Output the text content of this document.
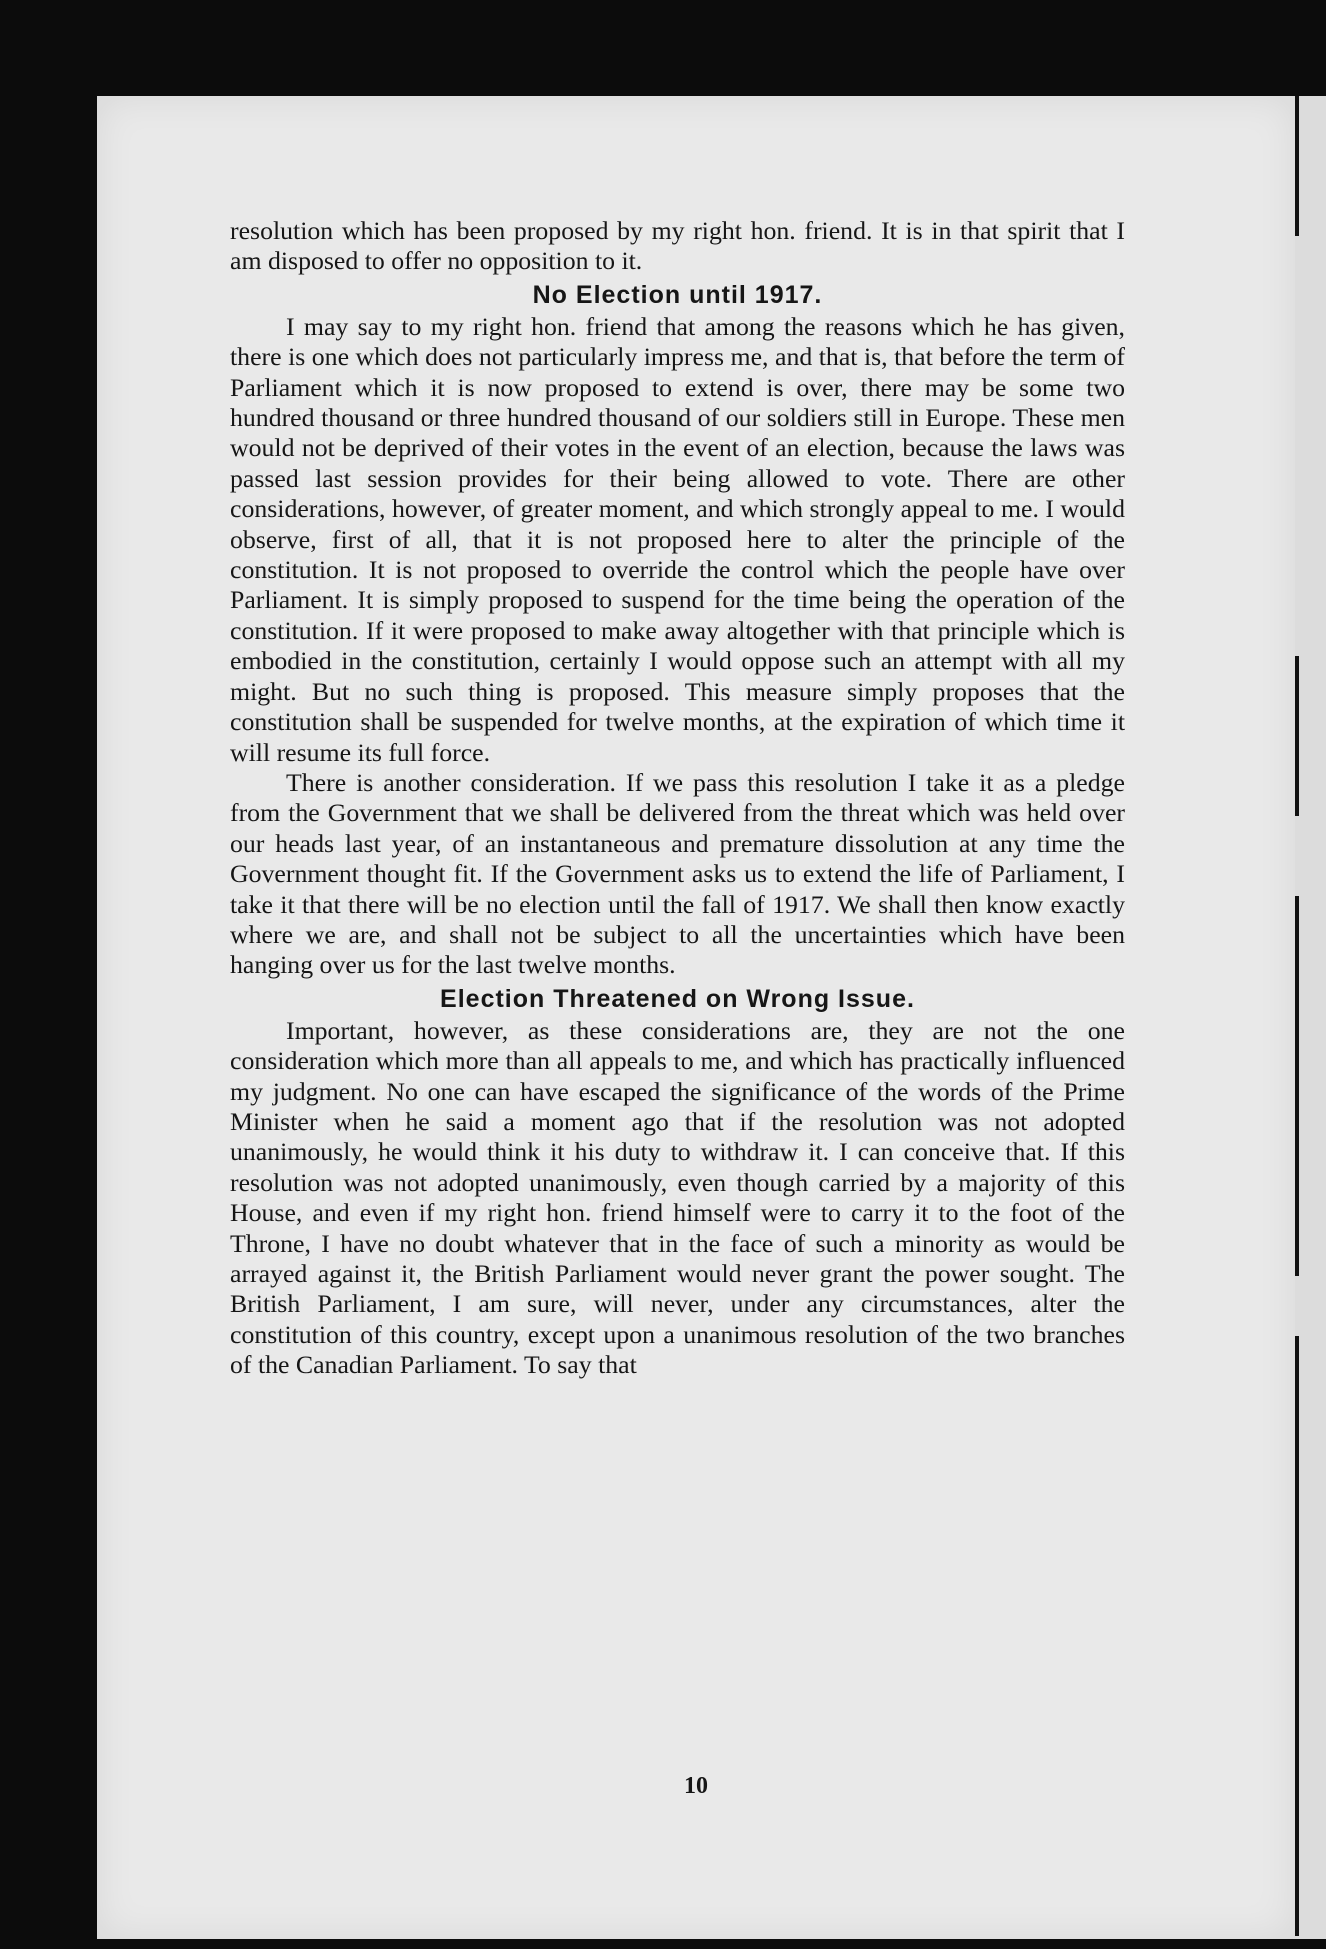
10

resolution which has been proposed by my right hon. friend. It is in that spirit that I am disposed to offer no opposition to it.

No Election until 1917.

I may say to my right hon. friend that among the reasons which he has given, there is one which does not particularly impress me, and that is, that before the term of Parliament which it is now proposed to extend is over, there may be some two hundred thousand or three hundred thousand of our soldiers still in Europe. These men would not be deprived of their votes in the event of an election, because the laws was passed last session provides for their being allowed to vote. There are other considerations, however, of greater moment, and which strongly appeal to me. I would observe, first of all, that it is not proposed here to alter the principle of the constitution. It is not proposed to override the control which the people have over Parliament. It is simply proposed to suspend for the time being the operation of the constitution. If it were proposed to make away altogether with that principle which is embodied in the constitution, certainly I would oppose such an attempt with all my might. But no such thing is proposed. This measure simply proposes that the constitution shall be suspended for twelve months, at the expiration of which time it will resume its full force.

There is another consideration. If we pass this resolution I take it as a pledge from the Government that we shall be delivered from the threat which was held over our heads last year, of an instantaneous and premature dissolution at any time the Government thought fit. If the Government asks us to extend the life of Parliament, I take it that there will be no election until the fall of 1917. We shall then know exactly where we are, and shall not be subject to all the uncertainties which have been hanging over us for the last twelve months.

Election Threatened on Wrong Issue.

Important, however, as these considerations are, they are not the one consideration which more than all appeals to me, and which has practically influenced my judgment. No one can have escaped the significance of the words of the Prime Minister when he said a moment ago that if the resolution was not adopted unanimously, he would think it his duty to withdraw it. I can conceive that. If this resolution was not adopted unanimously, even though carried by a majority of this House, and even if my right hon. friend himself were to carry it to the foot of the Throne, I have no doubt whatever that in the face of such a minority as would be arrayed against it, the British Parliament would never grant the power sought. The British Parliament, I am sure, will never, under any circumstances, alter the constitution of this country, except upon a unanimous resolution of the two branches of the Canadian Parliament. To say that
